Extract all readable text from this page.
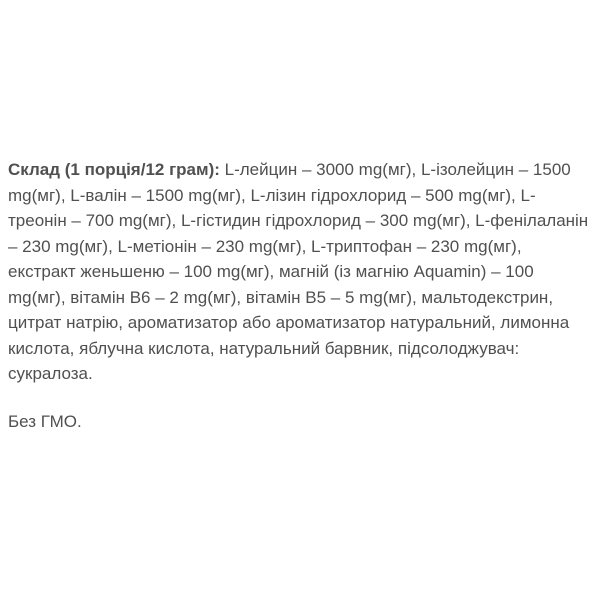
Склад (1 порція/12 грам): L-лейцин – 3000 mg(мг), L-ізолейцин – 1500 mg(мг), L-валін – 1500 mg(мг), L-лізин гідрохлорид – 500 mg(мг), L-треонін – 700 mg(мг), L-гістидин гідрохлорид – 300 mg(мг), L-фенілаланін – 230 mg(мг), L-метіонін – 230 mg(мг), L-триптофан – 230 mg(мг), екстракт женьшеню – 100 mg(мг), магній (із магнію Aquamin) – 100 mg(мг), вітамін В6 – 2 mg(мг), вітамін В5 – 5 mg(мг), мальтодекстрин, цитрат натрію, ароматизатор або ароматизатор натуральний, лимонна кислота, яблучна кислота, натуральний барвник, підсолоджувач: сукралоза.

Без ГМО.
